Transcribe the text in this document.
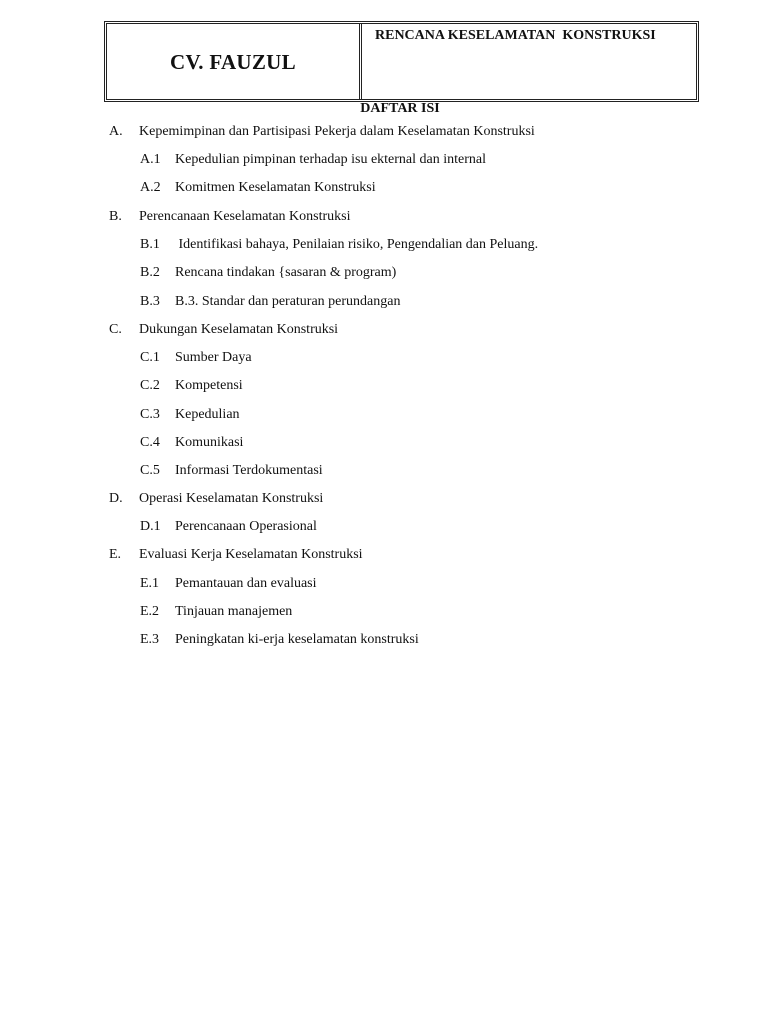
CV. FAUZUL
RENCANA KESELAMATAN  KONSTRUKSI
DAFTAR ISI
A. Kepemimpinan dan Partisipasi Pekerja dalam Keselamatan Konstruksi
A.1 Kepedulian pimpinan terhadap isu ekternal dan internal
A.2 Komitmen Keselamatan Konstruksi
B. Perencanaan Keselamatan Konstruksi
B.1 Identifikasi bahaya, Penilaian risiko, Pengendalian dan Peluang.
B.2 Rencana tindakan {sasaran & program)
B.3 B.3. Standar dan peraturan perundangan
C. Dukungan Keselamatan Konstruksi
C.1 Sumber Daya
C.2 Kompetensi
C.3 Kepedulian
C.4 Komunikasi
C.5 Informasi Terdokumentasi
D. Operasi Keselamatan Konstruksi
D.1 Perencanaan Operasional
E. Evaluasi Kerja Keselamatan Konstruksi
E.1 Pemantauan dan evaluasi
E.2 Tinjauan manajemen
E.3 Peningkatan ki-erja keselamatan konstruksi
